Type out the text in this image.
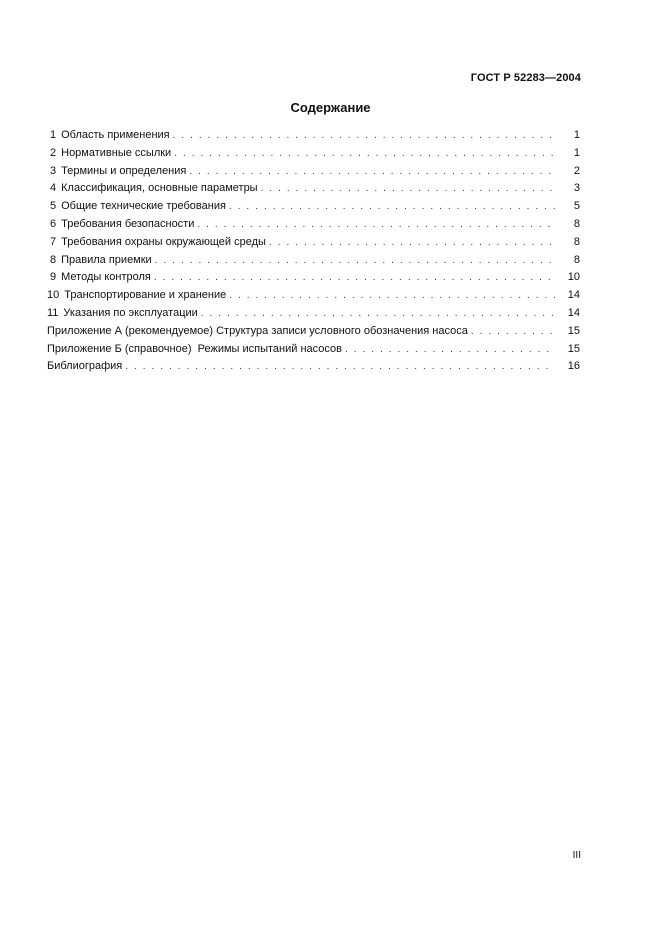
ГОСТ Р 52283—2004
Содержание
1 Область применения . . .	1
2 Нормативные ссылки . . .	1
3 Термины и определения . . .	2
4 Классификация, основные параметры . . .	3
5 Общие технические требования . . .	5
6 Требования безопасности . . .	8
7 Требования охраны окружающей среды . . .	8
8 Правила приемки . . .	8
9 Методы контроля . . .	10
10 Транспортирование и хранение . . .	14
11 Указания по эксплуатации . . .	14
Приложение А (рекомендуемое) Структура записи условного обозначения насоса . . .	15
Приложение Б (справочное)  Режимы испытаний насосов . . .	15
Библиография . . .	16
III
